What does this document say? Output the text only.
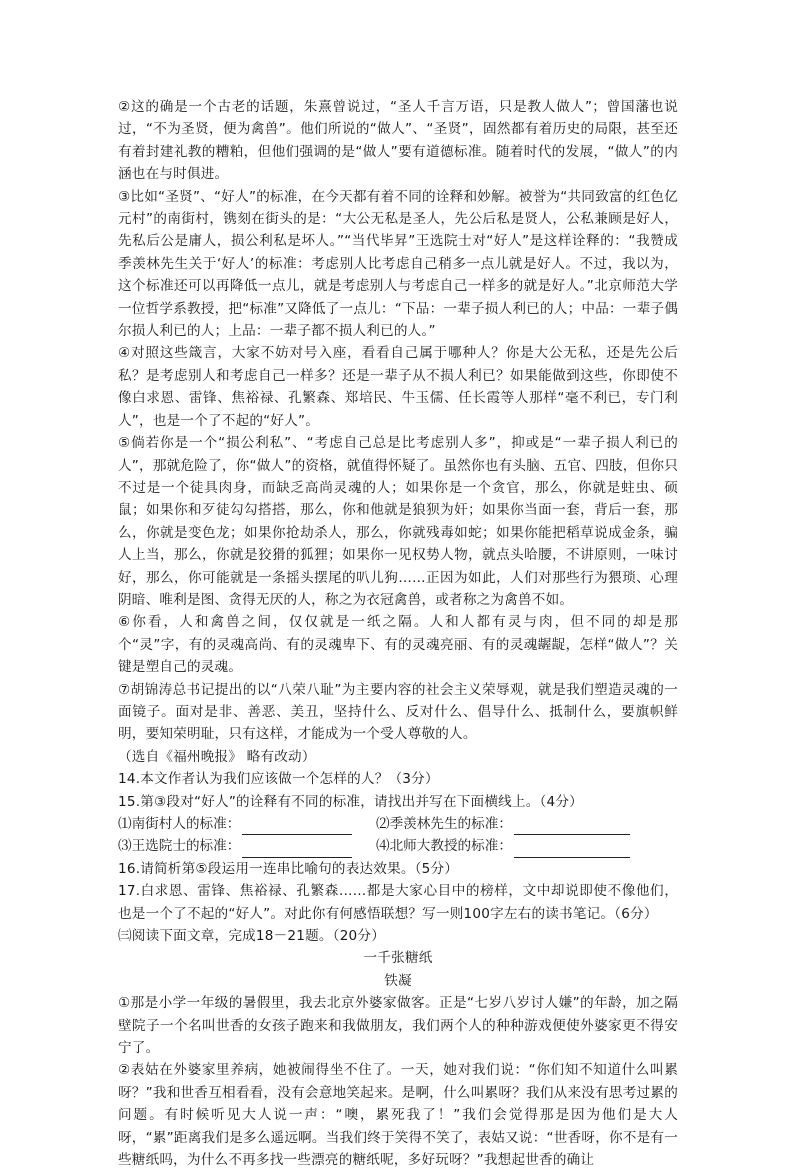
②这的确是一个古老的话题，朱熹曾说过，“圣人千言万语，只是教人做人”；曾国藩也说过，“不为圣贤，便为禽兽”。他们所说的“做人”、“圣贤”，固然都有着历史的局限，甚至还有着封建礼教的糟粕，但他们强调的是“做人”要有道德标准。随着时代的发展，“做人”的内涵也在与时俱进。

③比如“圣贤”、“好人”的标准，在今天都有着不同的诠释和妙解。被誉为“共同致富的红色亿元村”的南街村，镌刻在街头的是：“大公无私是圣人，先公后私是贤人，公私兼顾是好人，先私后公是庸人，损公利私是坏人。”“当代毕昇”王选院士对“好人”是这样诠释的：“我赞成季羡林先生关于‘好人’的标准：考虑别人比考虑自己稍多一点儿就是好人。不过，我以为，这个标准还可以再降低一点儿，就是考虑别人与考虑自己一样多的就是好人。”北京师范大学一位哲学系教授，把“标准”又降低了一点儿：“下品：一辈子损人利已的人；中品：一辈子偶尔损人利已的人；上品：一辈子都不损人利已的人。”

④对照这些箴言，大家不妨对号入座，看看自己属于哪种人？你是大公无私，还是先公后私？是考虑别人和考虑自己一样多？还是一辈子从不损人利已？如果能做到这些，你即使不像白求恩、雷锋、焦裕禄、孔繁森、郑培民、牛玉儒、任长霞等人那样“毫不利已，专门利人”，也是一个了不起的“好人”。

⑤倘若你是一个“损公利私”、“考虑自己总是比考虑别人多”，抑或是“一辈子损人利已的人”，那就危险了，你“做人”的资格，就值得怀疑了。虽然你也有头脑、五官、四肢，但你只不过是一个徒具肉身，而缺乏高尚灵魂的人；如果你是一个贪官，那么，你就是蛀虫、硕鼠；如果你和歹徒勾勾搭搭，那么，你和他就是狼狈为奸；如果你当面一套，背后一套，那么，你就是变色龙；如果你抢劫杀人，那么，你就残毒如蛇；如果你能把稻草说成金条，骗人上当，那么，你就是狡猾的狐狸；如果你一见权势人物，就点头哈腰，不讲原则，一味讨好，那么，你可能就是一条摇头摆尾的叭儿狗……正因为如此，人们对那些行为猥琐、心理阴暗、唯利是图、贪得无厌的人，称之为衣冠禽兽，或者称之为禽兽不如。

⑥你看，人和禽兽之间，仅仅就是一纸之隔。人和人都有灵与肉，但不同的却是那个“灵”字，有的灵魂高尚、有的灵魂卑下、有的灵魂亮丽、有的灵魂龌龊，怎样“做人”？关键是塑自己的灵魂。

⑦胡锦涛总书记提出的以“八荣八耻”为主要内容的社会主义荣辱观，就是我们塑造灵魂的一面镜子。面对是非、善恶、美丑，坚持什么、反对什么、倡导什么、抵制什么，要旗帜鲜明，要知荣明耻，只有这样，才能成为一个受人尊敬的人。

（选自《福州晚报》 略有改动）

14.本文作者认为我们应该做一个怎样的人？（3分）

15.第③段对“好人”的诠释有不同的标准，请找出并写在下面横线上。（4分）

⑴南街村人的标准：	⑵季羡林先生的标准：
⑶王选院士的标准：	⑷北师大教授的标准：

16.请简析第⑤段运用一连串比喻句的表达效果。（5分）

17.白求恩、雷锋、焦裕禄、孔繁森……都是大家心目中的榜样，文中却说即使不像他们，也是一个了不起的“好人”。对此你有何感悟联想？写一则100字左右的读书笔记。（6分）

㈢阅读下面文章，完成18－21题。（20分）

一千张糖纸

铁凝

①那是小学一年级的暑假里，我去北京外婆家做客。正是“七岁八岁讨人嫌”的年龄，加之隔壁院子一个名叫世香的女孩子跑来和我做朋友，我们两个人的种种游戏便使外婆家更不得安宁了。

②表姑在外婆家里养病，她被闹得坐不住了。一天，她对我们说：“你们知不知道什么叫累呀？”我和世香互相看看，没有会意地笑起来。是啊，什么叫累呀？我们从来没有思考过累的问题。有时候听见大人说一声：“噢，累死我了！”我们会觉得那是因为他们是大人呀，“累”距离我们是多么遥远啊。当我们终于笑得不笑了，表姑又说：“世香呀，你不是有一些糖纸吗，为什么不再多找一些漂亮的糖纸呢，多好玩呀？”我想起世香的确让
